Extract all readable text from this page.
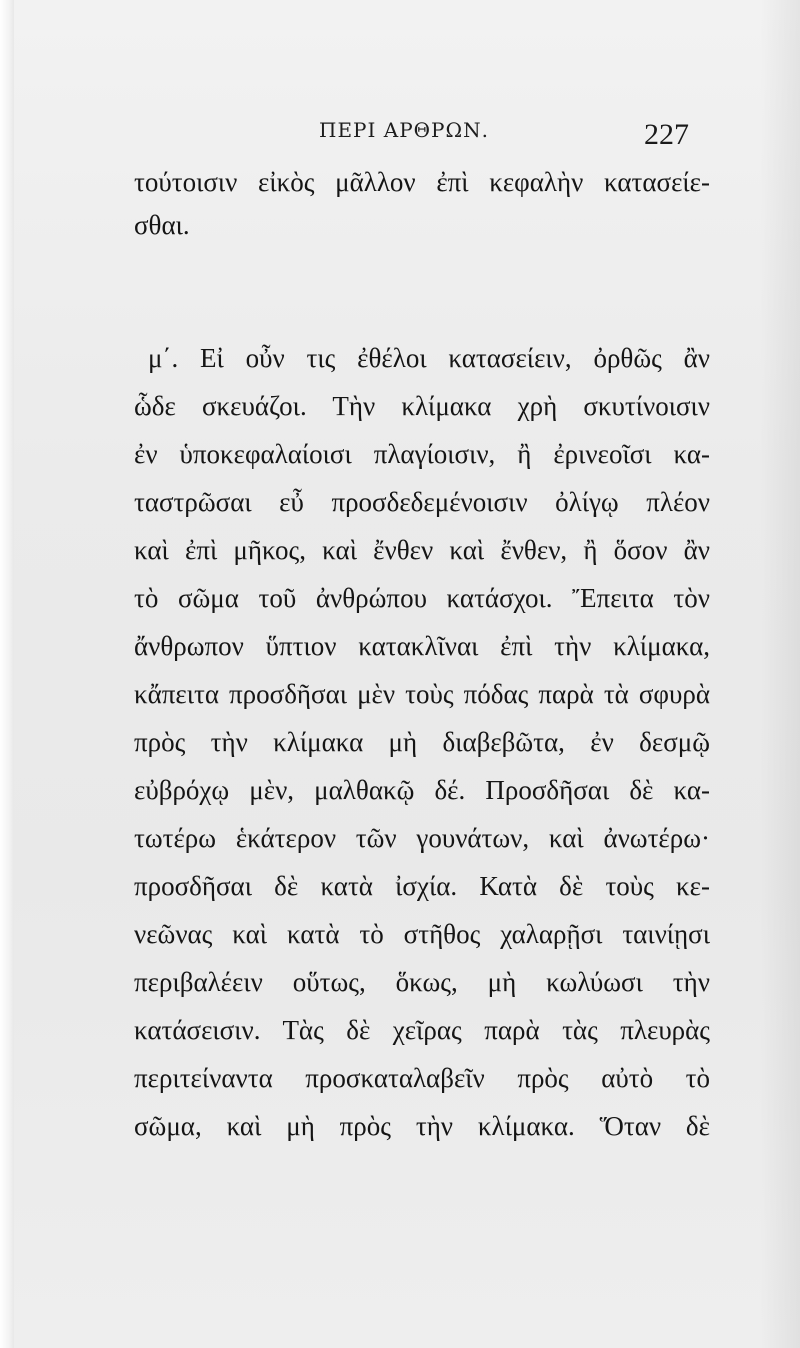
ΠΕΡΙ ΑΡΘΡΩΝ.	227
τούτοισιν εἰκὸς μᾶλλον ἐπὶ κεφαλὴν κατασείε-
σθαι.
μ΄. Εἰ οὖν τις ἐθέλοι κατασείειν, ὀρθῶς ἂν
ὧδε σκευάζοι. Τὴν κλίμακα χρὴ σκυτίνοισιν
ἐν ὑποκεφαλαίοισι πλαγίοισιν, ἢ ἐρινεοῖσι κα-
ταστρῶσαι εὖ προσδεδεμένοισιν ὀλίγῳ πλέον
καὶ ἐπὶ μῆκος, καὶ ἔνθεν καὶ ἔνθεν, ἢ ὅσον ἂν
τὸ σῶμα τοῦ ἀνθρώπου κατάσχοι. Ἔπειτα τὸν
ἄνθρωπον ὕπτιον κατακλῖναι ἐπὶ τὴν κλίμακα,
κἄπειτα προσδῆσαι μὲν τοὺς πόδας παρὰ τὰ σφυρὰ
πρὸς τὴν κλίμακα μὴ διαβεβῶτα, ἐν δεσμῷ
εὐβρόχῳ μὲν, μαλθακῷ δέ. Προσδῆσαι δὲ κα-
τωτέρω ἑκάτερον τῶν γουνάτων, καὶ ἀνωτέρω·
προσδῆσαι δὲ κατὰ ἰσχία. Κατὰ δὲ τοὺς κε-
νεῶνας καὶ κατὰ τὸ στῆθος χαλαρῇσι ταινίῃσι
περιβαλέειν οὕτως, ὅκως, μὴ κωλύωσι τὴν
κατάσεισιν. Τὰς δὲ χεῖρας παρὰ τὰς πλευρὰς
περιτείναντα προσκαταλαβεῖν πρὸς αὐτὸ τὸ
σῶμα, καὶ μὴ πρὸς τὴν κλίμακα. Ὅταν δὲ
